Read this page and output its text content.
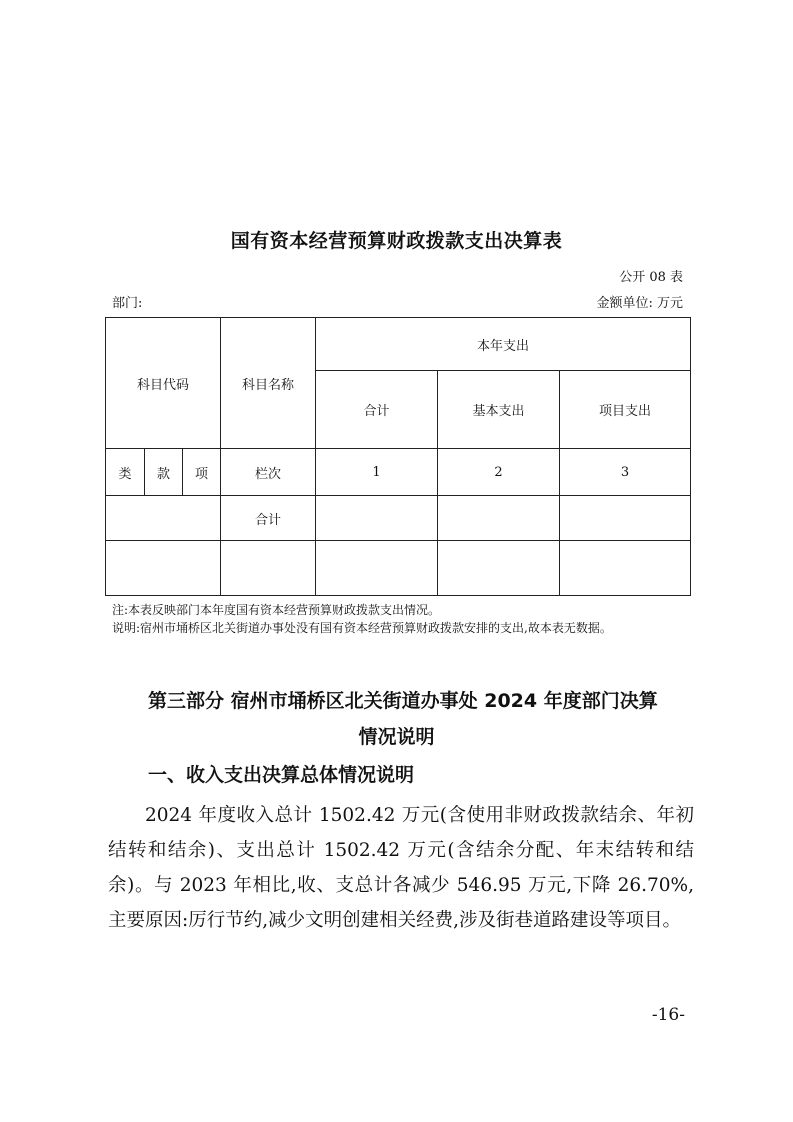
国有资本经营预算财政拨款支出决算表
公开 08 表
部门:	金额单位: 万元
科目代码			科目名称	本年支出		
				合计	基本支出	项目支出
类	款	项	栏次	1	2	3
			合计			

注:本表反映部门本年度国有资本经营预算财政拨款支出情况。
说明:宿州市埇桥区北关街道办事处没有国有资本经营预算财政拨款安排的支出,故本表无数据。
第三部分 宿州市埇桥区北关街道办事处 2024 年度部门决算
情况说明
一、收入支出决算总体情况说明

2024 年度收入总计 1502.42 万元(含使用非财政拨款结余、年初结转和结余)、支出总计 1502.42 万元(含结余分配、年末结转和结余)。与 2023 年相比,收、支总计各减少 546.95 万元,下降 26.70%,主要原因:厉行节约,减少文明创建相关经费,涉及街巷道路建设等项目。

-16-
